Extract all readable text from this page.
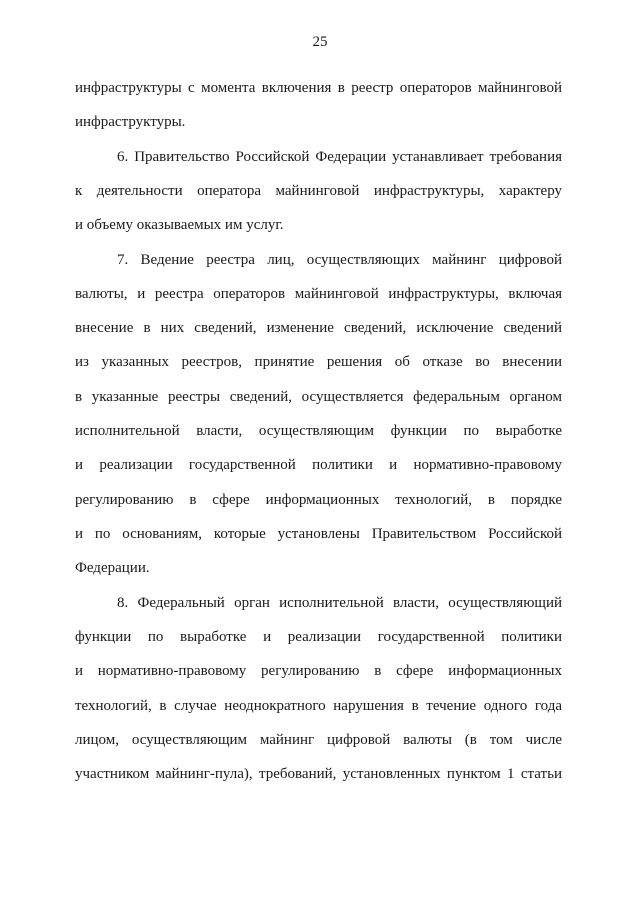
25
инфраструктуры с момента включения в реестр операторов майнинговой
инфраструктуры.
6. Правительство Российской Федерации устанавливает требования
к деятельности оператора майнинговой инфраструктуры, характеру
и объему оказываемых им услуг.
7. Ведение реестра лиц, осуществляющих майнинг цифровой
валюты, и реестра операторов майнинговой инфраструктуры, включая
внесение в них сведений, изменение сведений, исключение сведений
из указанных реестров, принятие решения об отказе во внесении
в указанные реестры сведений, осуществляется федеральным органом
исполнительной власти, осуществляющим функции по выработке
и реализации государственной политики и нормативно-правовому
регулированию в сфере информационных технологий, в порядке
и по основаниям, которые установлены Правительством Российской
Федерации.
8. Федеральный орган исполнительной власти, осуществляющий
функции по выработке и реализации государственной политики
и нормативно-правовому регулированию в сфере информационных
технологий, в случае неоднократного нарушения в течение одного года
лицом, осуществляющим майнинг цифровой валюты (в том числе
участником майнинг-пула), требований, установленных пунктом 1 статьи
